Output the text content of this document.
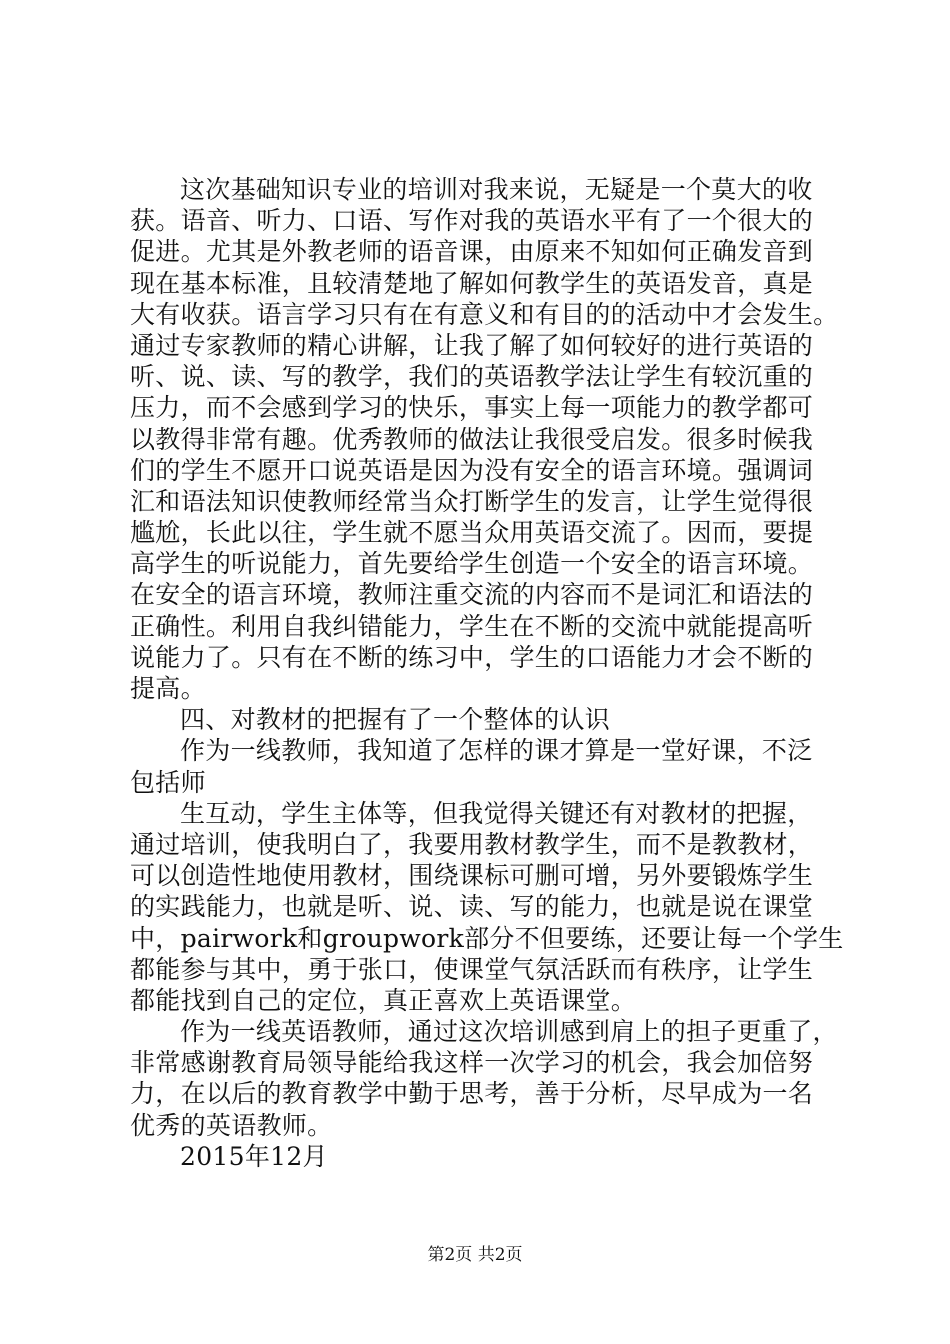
这次基础知识专业的培训对我来说，无疑是一个莫大的收
获。语音、听力、口语、写作对我的英语水平有了一个很大的
促进。尤其是外教老师的语音课，由原来不知如何正确发音到
现在基本标准，且较清楚地了解如何教学生的英语发音，真是
大有收获。语言学习只有在有意义和有目的的活动中才会发生。
通过专家教师的精心讲解，让我了解了如何较好的进行英语的
听、说、读、写的教学，我们的英语教学法让学生有较沉重的
压力，而不会感到学习的快乐，事实上每一项能力的教学都可
以教得非常有趣。优秀教师的做法让我很受启发。很多时候我
们的学生不愿开口说英语是因为没有安全的语言环境。强调词
汇和语法知识使教师经常当众打断学生的发言，让学生觉得很
尴尬，长此以往，学生就不愿当众用英语交流了。因而，要提
高学生的听说能力，首先要给学生创造一个安全的语言环境。
在安全的语言环境，教师注重交流的内容而不是词汇和语法的
正确性。利用自我纠错能力，学生在不断的交流中就能提高听
说能力了。只有在不断的练习中，学生的口语能力才会不断的
提高。
四、对教材的把握有了一个整体的认识
作为一线教师，我知道了怎样的课才算是一堂好课，不泛
包括师
生互动，学生主体等，但我觉得关键还有对教材的把握，
通过培训，使我明白了，我要用教材教学生，而不是教教材，
可以创造性地使用教材，围绕课标可删可增，另外要锻炼学生
的实践能力，也就是听、说、读、写的能力，也就是说在课堂
中，pairwork和groupwork部分不但要练，还要让每一个学生
都能参与其中，勇于张口，使课堂气氛活跃而有秩序，让学生
都能找到自己的定位，真正喜欢上英语课堂。
作为一线英语教师，通过这次培训感到肩上的担子更重了，
非常感谢教育局领导能给我这样一次学习的机会，我会加倍努
力，在以后的教育教学中勤于思考，善于分析，尽早成为一名
优秀的英语教师。
2015年12月
第2页 共2页
